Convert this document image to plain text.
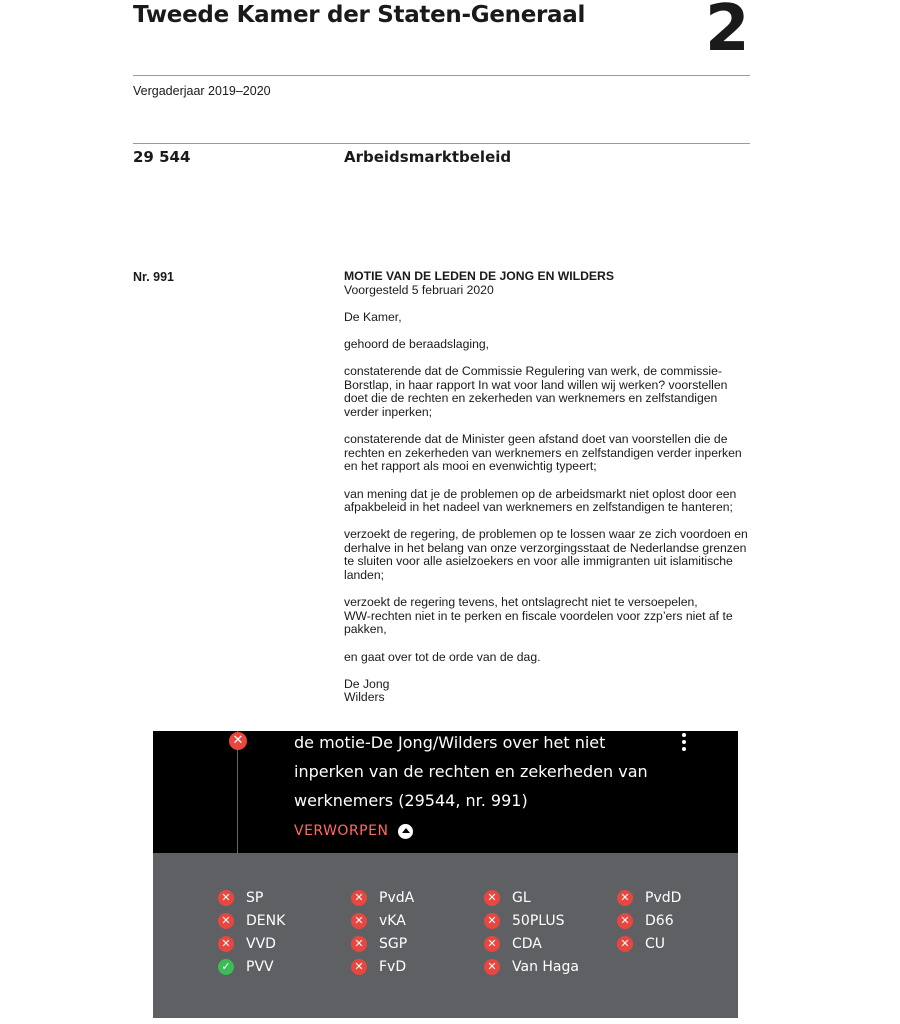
Tweede Kamer der Staten-Generaal 2
Vergaderjaar 2019–2020
29 544	Arbeidsmarktbeleid
Nr. 991	MOTIE VAN DE LEDEN DE JONG EN WILDERS

Voorgesteld 5 februari 2020

De Kamer,

gehoord de beraadslaging,

constaterende dat de Commissie Regulering van werk, de commissie-
Borstlap, in haar rapport In wat voor land willen wij werken? voorstellen
doet die de rechten en zekerheden van werknemers en zelfstandigen
verder inperken;

constaterende dat de Minister geen afstand doet van voorstellen die de
rechten en zekerheden van werknemers en zelfstandigen verder inperken
en het rapport als mooi en evenwichtig typeert;

van mening dat je de problemen op de arbeidsmarkt niet oplost door een
afpakbeleid in het nadeel van werknemers en zelfstandigen te hanteren;

verzoekt de regering, de problemen op te lossen waar ze zich voordoen en
derhalve in het belang van onze verzorgingsstaat de Nederlandse grenzen
te sluiten voor alle asielzoekers en voor alle immigranten uit islamitische
landen;

verzoekt de regering tevens, het ontslagrecht niet te versoepelen,
WW-rechten niet in te perken en fiscale voordelen voor zzp’ers niet af te
pakken,

en gaat over tot de orde van de dag.

De Jong

Wilders

✕	de motie-De Jong/Wilders over het niet
inperken van de rechten en zekerheden van
werknemers (29544, nr. 991)
VERWORPEN
✕ SP	✕ PvdA	✕ GL	✕ PvdD
✕ DENK	✕ vKA	✕ 50PLUS	✕ D66
✕ VVD	✕ SGP	✕ CDA	✕ CU
✓ PVV	✕ FvD	✕ Van Haga
